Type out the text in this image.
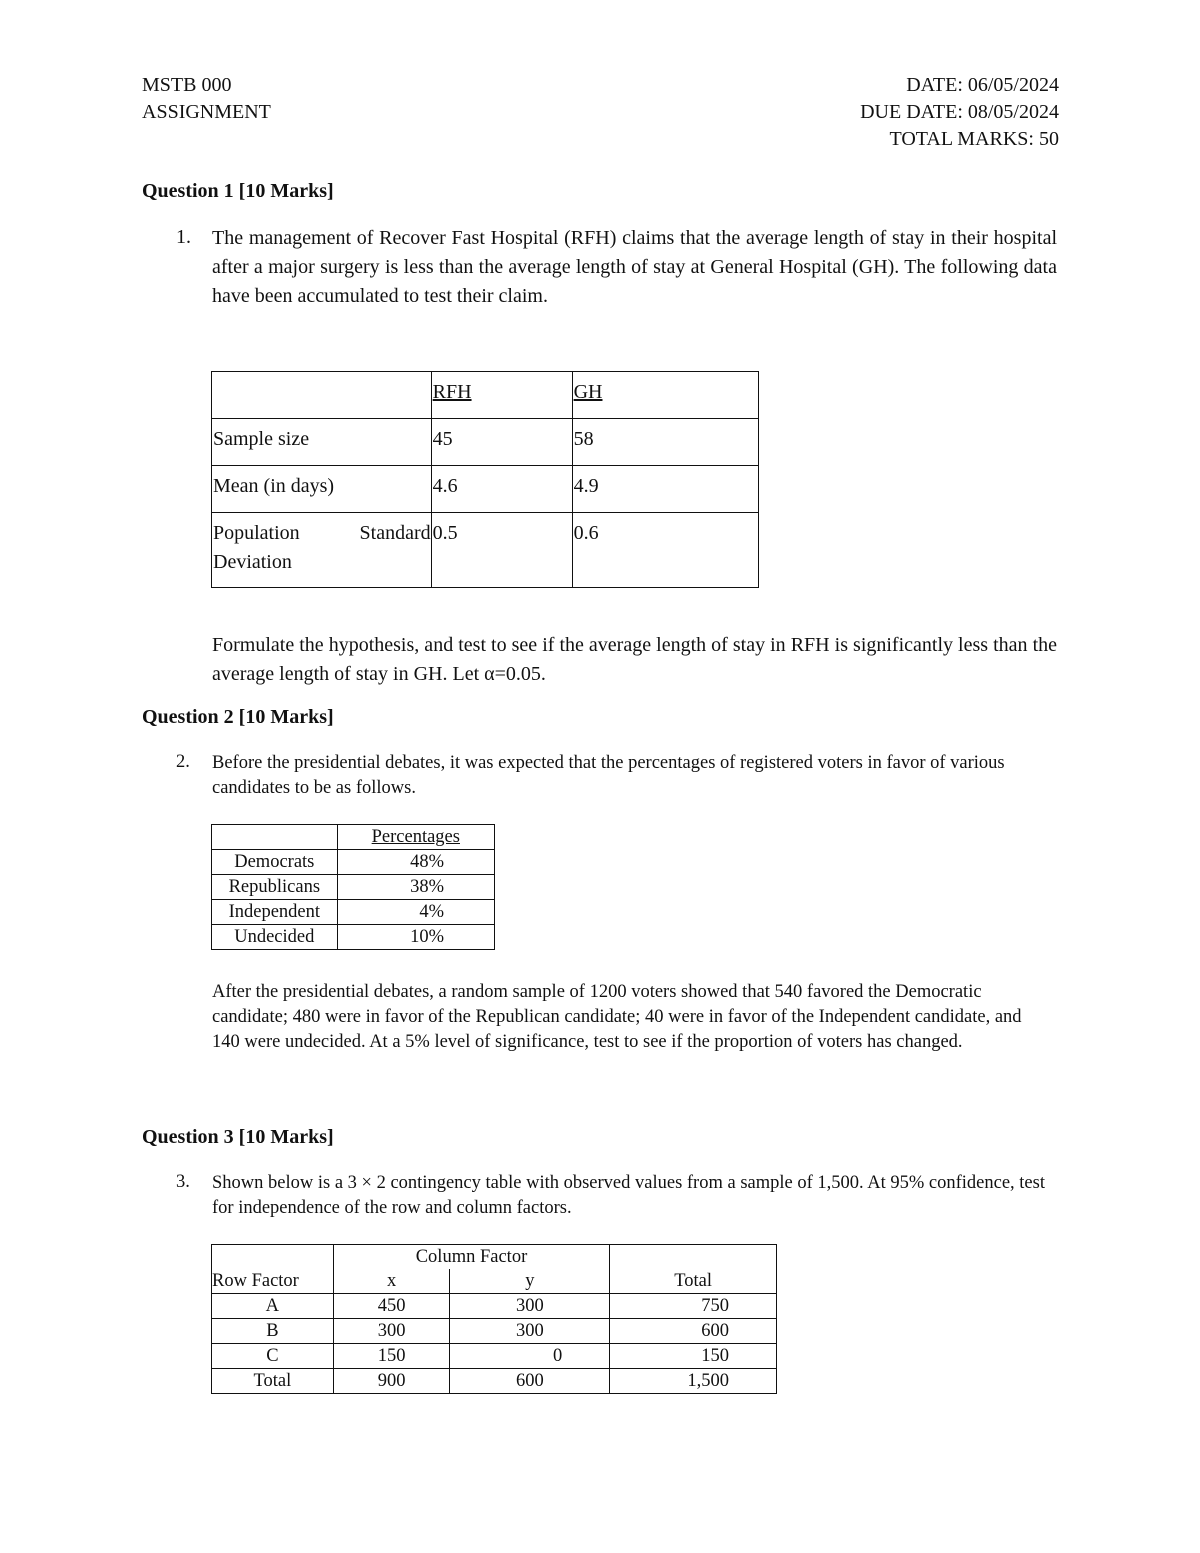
MSTB 000
ASSIGNMENT
DATE: 06/05/2024
DUE DATE: 08/05/2024
TOTAL MARKS: 50
Question 1 [10 Marks]
1. The management of Recover Fast Hospital (RFH) claims that the average length of stay in their hospital after a major surgery is less than the average length of stay at General Hospital (GH). The following data have been accumulated to test their claim.
	RFH	GH
Sample size	45	58
Mean (in days)	4.6	4.9

Population Standard Deviation	0.5	0.6
Formulate the hypothesis, and test to see if the average length of stay in RFH is significantly less than the average length of stay in GH. Let α=0.05.
Question 2 [10 Marks]
2. Before the presidential debates, it was expected that the percentages of registered voters in favor of various candidates to be as follows.
	Percentages
Democrats	48%
Republicans	38%
Independent	4%
Undecided	10%
After the presidential debates, a random sample of 1200 voters showed that 540 favored the Democratic candidate; 480 were in favor of the Republican candidate; 40 were in favor of the Independent candidate, and 140 were undecided. At a 5% level of significance, test to see if the proportion of voters has changed.
Question 3 [10 Marks]
3. Shown below is a 3 × 2 contingency table with observed values from a sample of 1,500. At 95% confidence, test for independence of the row and column factors.
	Column Factor		
Row Factor	x	y	Total
A	450	300	750
B	300	300	600
C	150	0	150
Total	900	600	1,500
